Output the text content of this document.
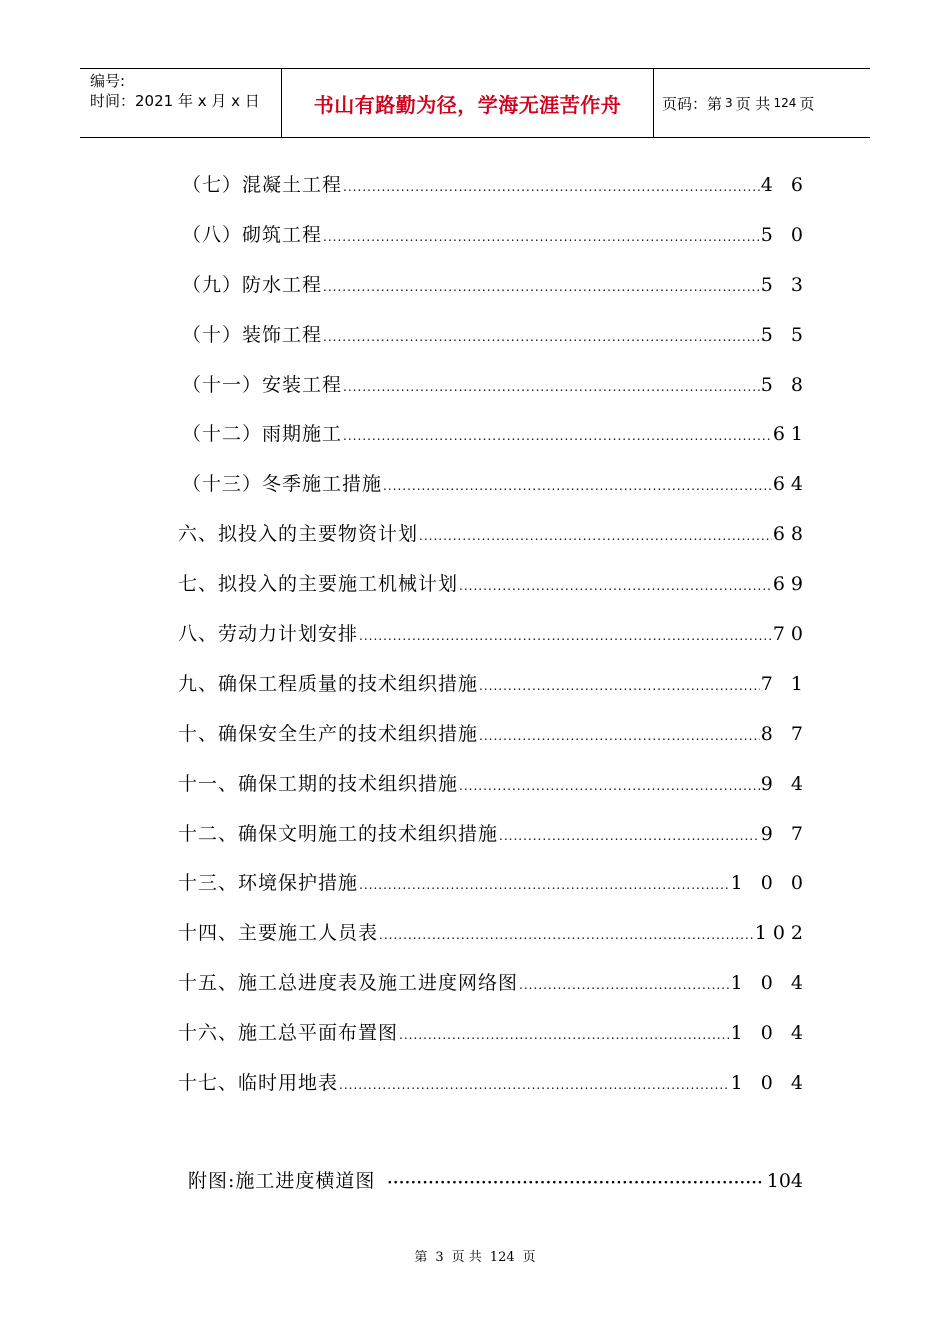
编号:
时间：2021 年 x 月 x 日	书山有路勤为径，学海无涯苦作舟	页码：第 3 页 共 124 页
（七）混凝土工程 .....	4 6
（八）砌筑工程 .....	5 0
（九）防水工程 .....	5 3
（十）装饰工程 .....	5 5
（十一）安装工程 .....	5 8
（十二）雨期施工 .....	61
（十三）冬季施工措施 .....	64
六、拟投入的主要物资计划 .....	68
七、拟投入的主要施工机械计划 .....	69
八、劳动力计划安排 .....	70
九、确保工程质量的技术组织措施 .....	7 1
十、确保安全生产的技术组织措施 .....	8 7
十一、确保工期的技术组织措施 .....	9 4
十二、确保文明施工的技术组织措施 .....	9 7
十三、环境保护措施 .....	1 0 0
十四、主要施工人员表 .....	102
十五、施工总进度表及施工进度网络图 .....	1 0 4
十六、施工总平面布置图 .....	1 0 4
十七、临时用地表 .....	1 0 4
附图:施工进度横道图 ·····	104
第 3 页 共 124 页
